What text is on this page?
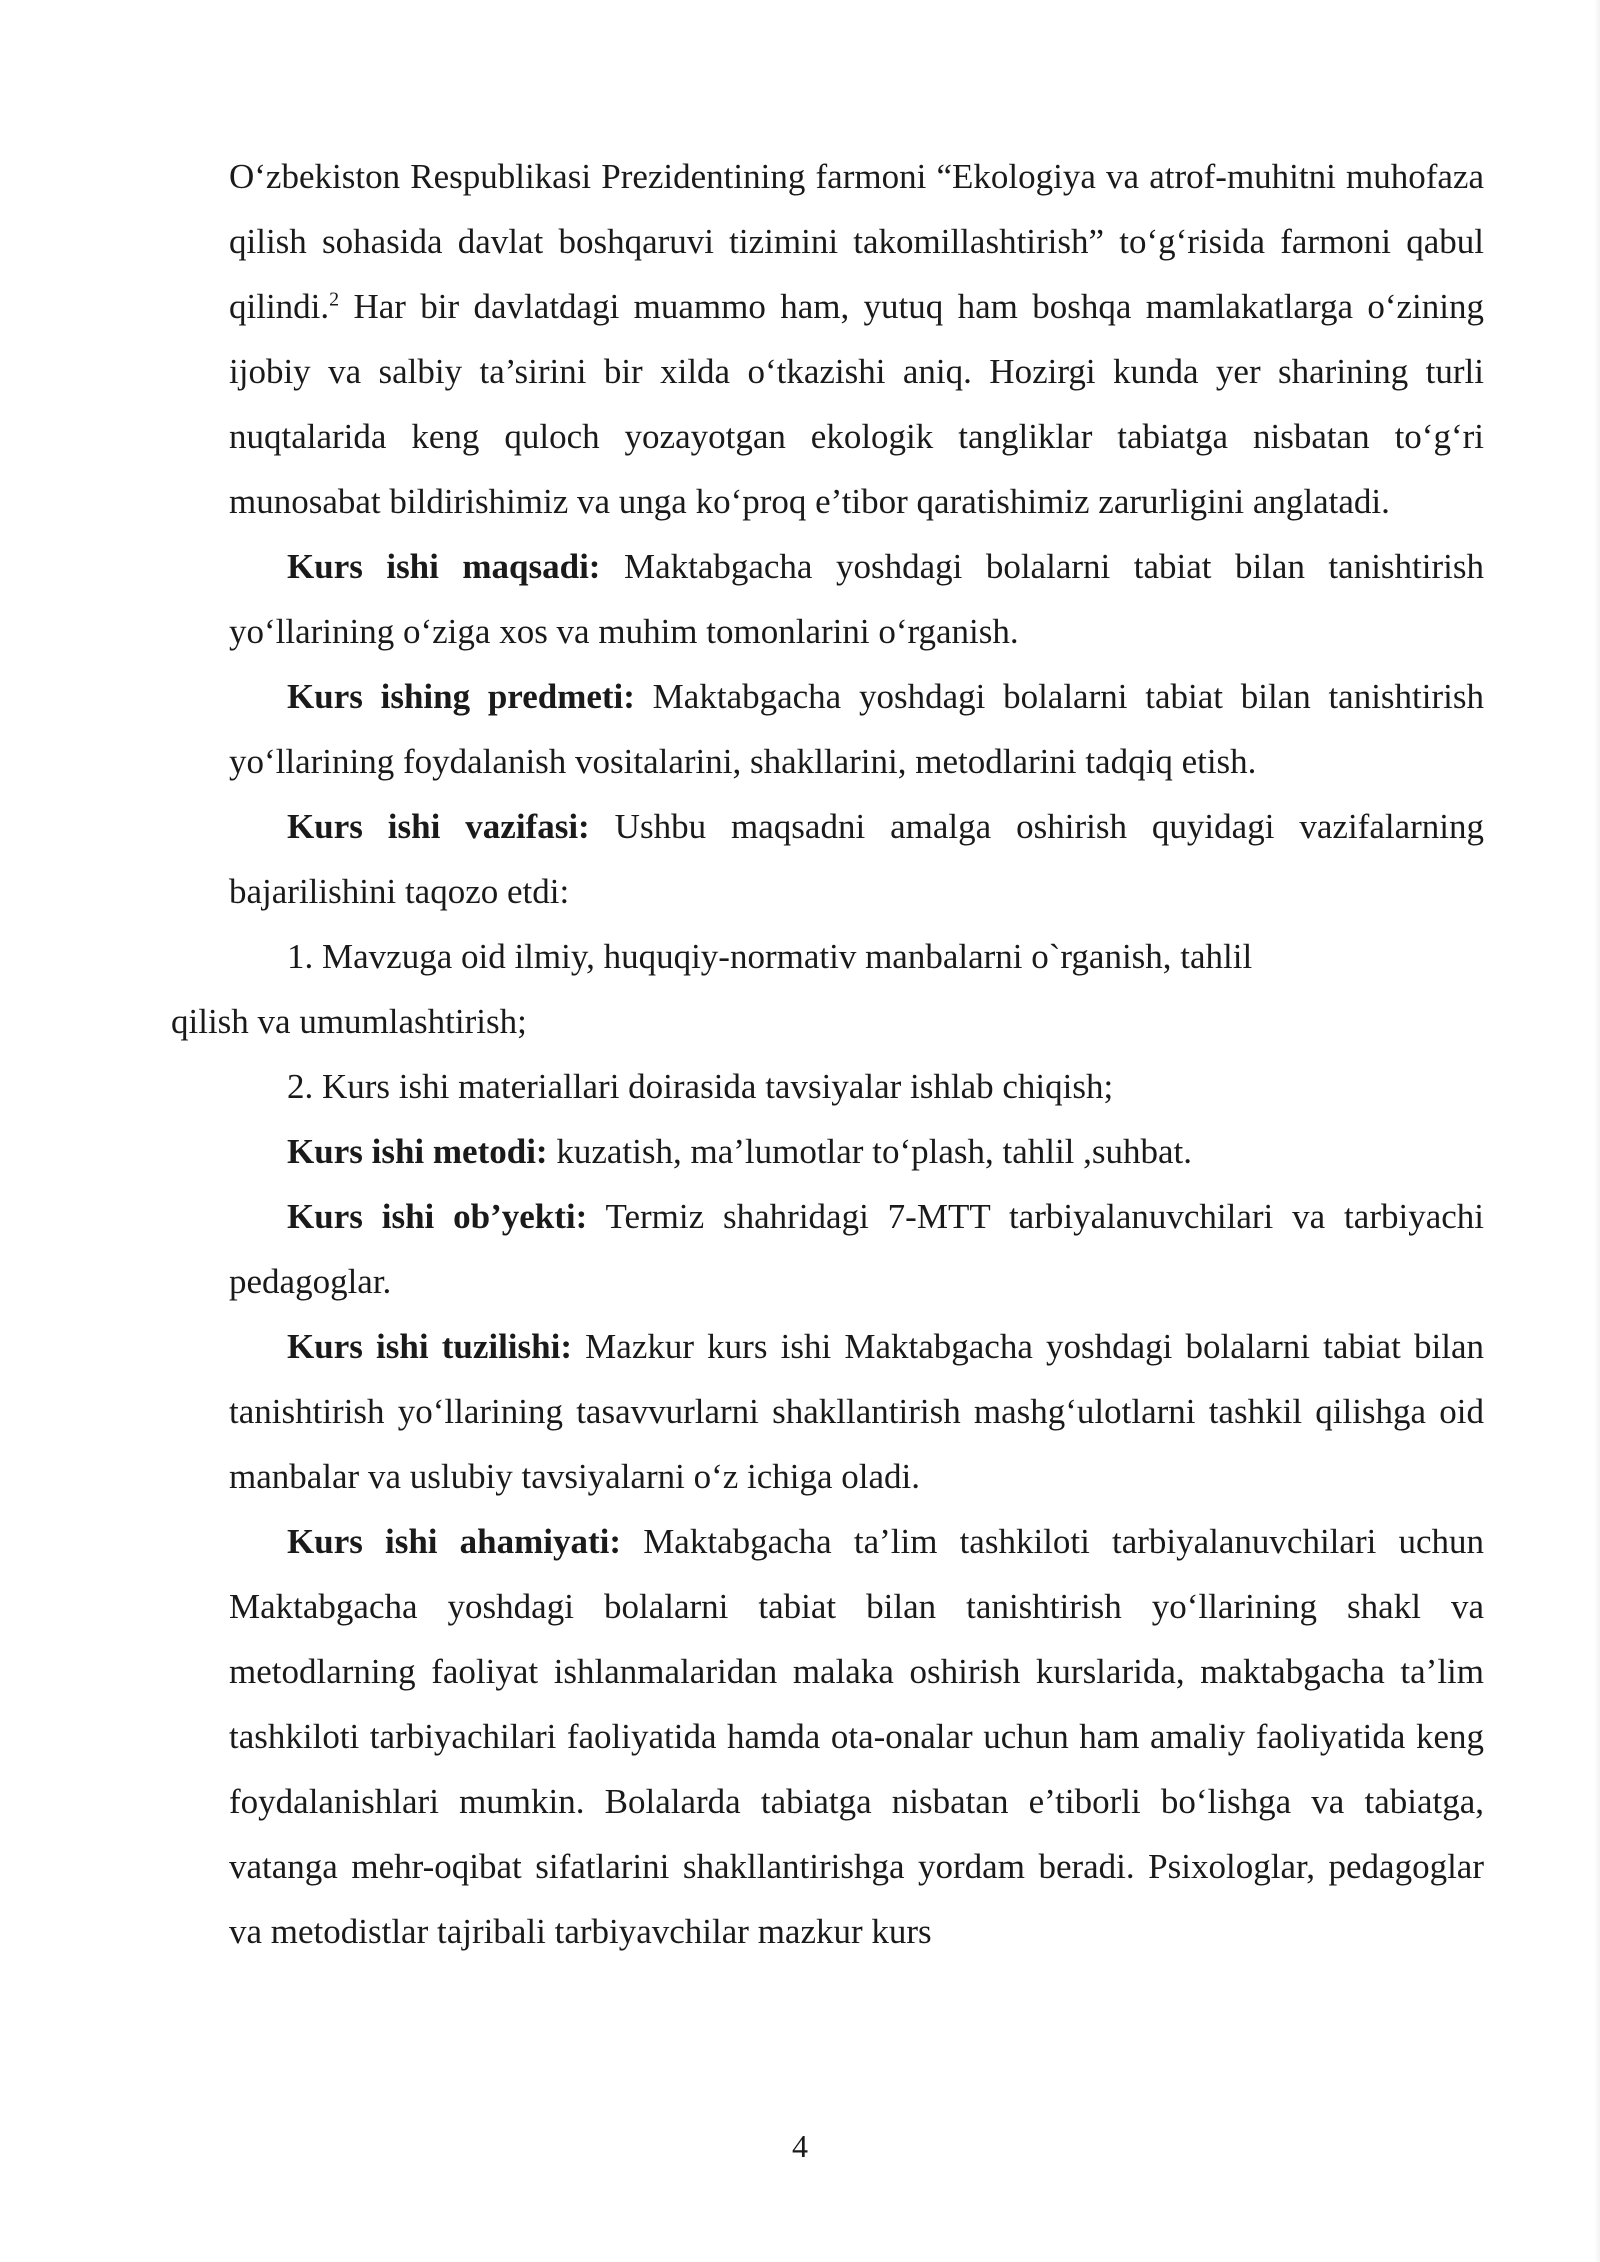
O‘zbekiston Respublikasi Prezidentining farmoni “Ekologiya va atrof-muhitni muhofaza qilish sohasida davlat boshqaruvi tizimini takomillashtirish” to‘g‘risida farmoni qabul qilindi.$^2$ Har bir davlatdagi muammo ham, yutuq ham boshqa mamlakatlarga o‘zining ijobiy va salbiy ta’sirini bir xilda o‘tkazishi aniq. Hozirgi kunda yer sharining turli nuqtalarida keng quloch yozayotgan ekologik tangliklar tabiatga nisbatan to‘g‘ri munosabat bildirishimiz va unga ko‘proq e’tibor qaratishimiz zarurligini anglatadi.

Kurs ishi maqsadi: Maktabgacha yoshdagi bolalarni tabiat bilan tanishtirish yo‘llarining o‘ziga xos va muhim tomonlarini o‘rganish.

Kurs ishing predmeti: Maktabgacha yoshdagi bolalarni tabiat bilan tanishtirish yo‘llarining foydalanish vositalarini, shakllarini, metodlarini tadqiq etish.

Kurs ishi vazifasi: Ushbu maqsadni amalga oshirish quyidagi vazifalarning bajarilishini taqozo etdi:

1. Mavzuga oid ilmiy, huquqiy-normativ manbalarni o`rganish, tahlil
qilish va umumlashtirish;

2. Kurs ishi materiallari doirasida tavsiyalar ishlab chiqish;

Kurs ishi metodi: kuzatish, ma’lumotlar to‘plash, tahlil ,suhbat.

Kurs ishi ob’yekti: Termiz shahridagi 7-MTT tarbiyalanuvchilari va tarbiyachi pedagoglar.

Kurs ishi tuzilishi: Mazkur kurs ishi Maktabgacha yoshdagi bolalarni tabiat bilan tanishtirish yo‘llarining tasavvurlarni shakllantirish mashg‘ulotlarni tashkil qilishga oid manbalar va uslubiy tavsiyalarni o‘z ichiga oladi.

Kurs ishi ahamiyati: Maktabgacha ta’lim tashkiloti tarbiyalanuvchilari uchun Maktabgacha yoshdagi bolalarni tabiat bilan tanishtirish yo‘llarining shakl va metodlarning faoliyat ishlanmalaridan malaka oshirish kurslarida, maktabgacha ta’lim tashkiloti tarbiyachilari faoliyatida hamda ota-onalar uchun ham amaliy faoliyatida keng foydalanishlari mumkin. Bolalarda tabiatga nisbatan e’tiborli bo‘lishga va tabiatga, vatanga mehr-oqibat sifatlarini shakllantirishga yordam beradi. Psixologlar, pedagoglar va metodistlar tajribali tarbiyavchilar mazkur kurs

4
